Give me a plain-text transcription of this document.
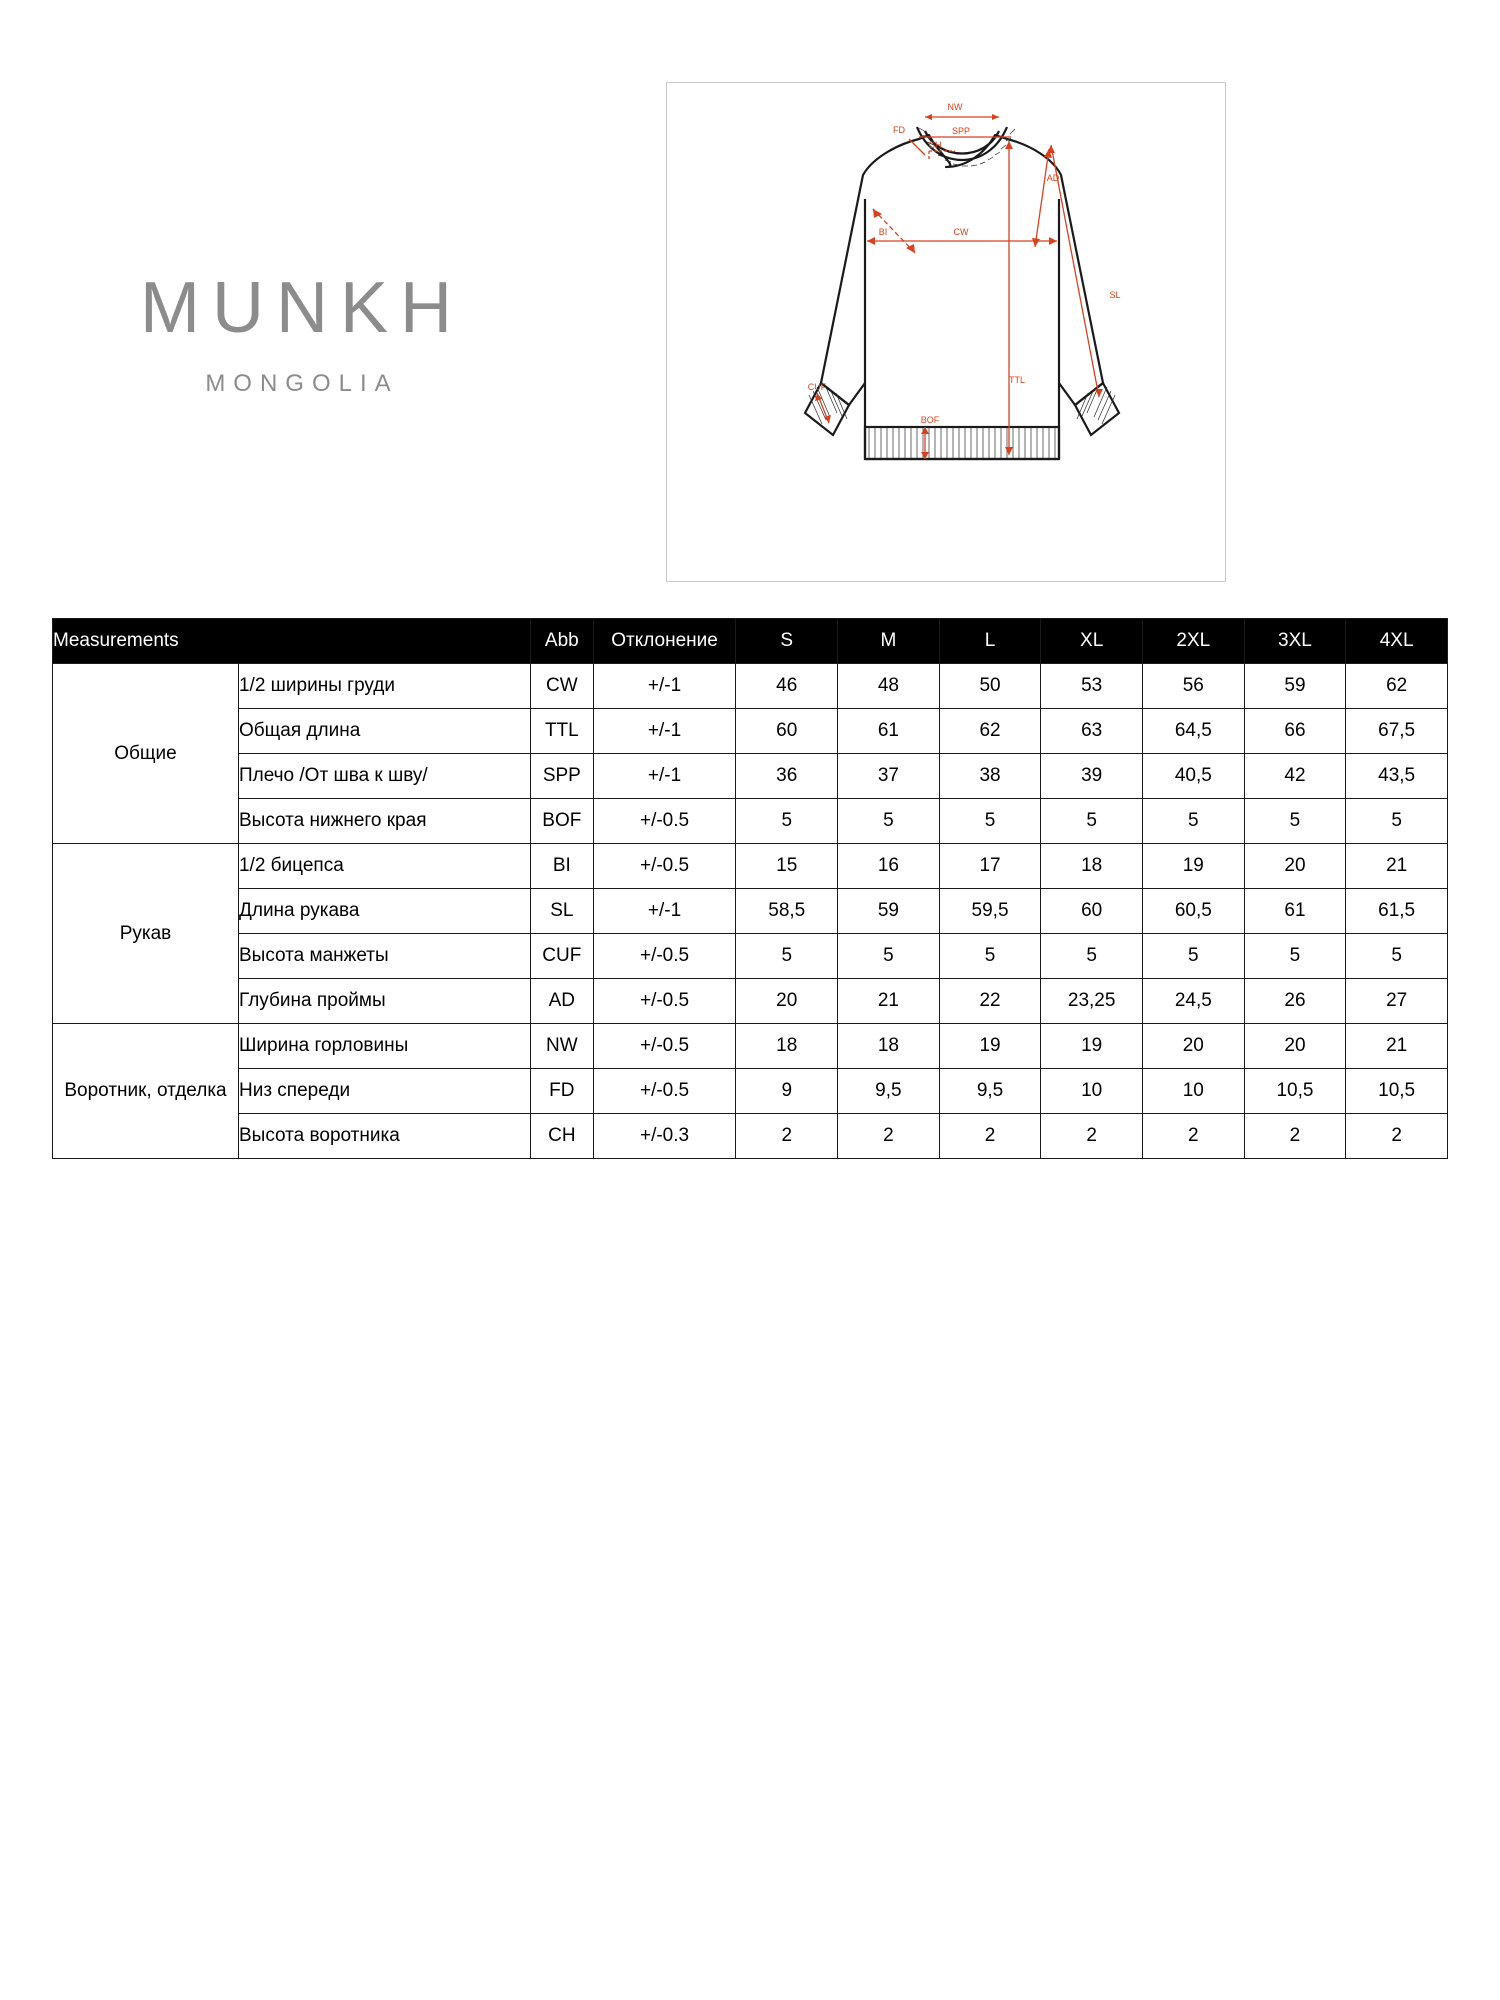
MUNKH
MONGOLIA
NW
FD	SPP
CH
BI
AD
CW
SL
TTL
CUF
BOF
Measurements		Abb	Отклонение	S	M	L	XL	2XL	3XL	4XL
Общие	1/2 ширины груди	CW	+/-1	46	48	50	53	56	59	62
	Общая длина	TTL	+/-1	60	61	62	63	64,5	66	67,5
	Плечо /От шва к шву/	SPP	+/-1	36	37	38	39	40,5	42	43,5
	Высота нижнего края	BOF	+/-0.5	5	5	5	5	5	5	5
Рукав	1/2 бицепса	BI	+/-0.5	15	16	17	18	19	20	21
	Длина рукава	SL	+/-1	58,5	59	59,5	60	60,5	61	61,5
	Высота манжеты	CUF	+/-0.5	5	5	5	5	5	5	5
	Глубина проймы	AD	+/-0.5	20	21	22	23,25	24,5	26	27
Воротник, отделка	Ширина горловины	NW	+/-0.5	18	18	19	19	20	20	21
	Низ спереди	FD	+/-0.5	9	9,5	9,5	10	10	10,5	10,5
	Высота воротника	CH	+/-0.3	2	2	2	2	2	2	2
